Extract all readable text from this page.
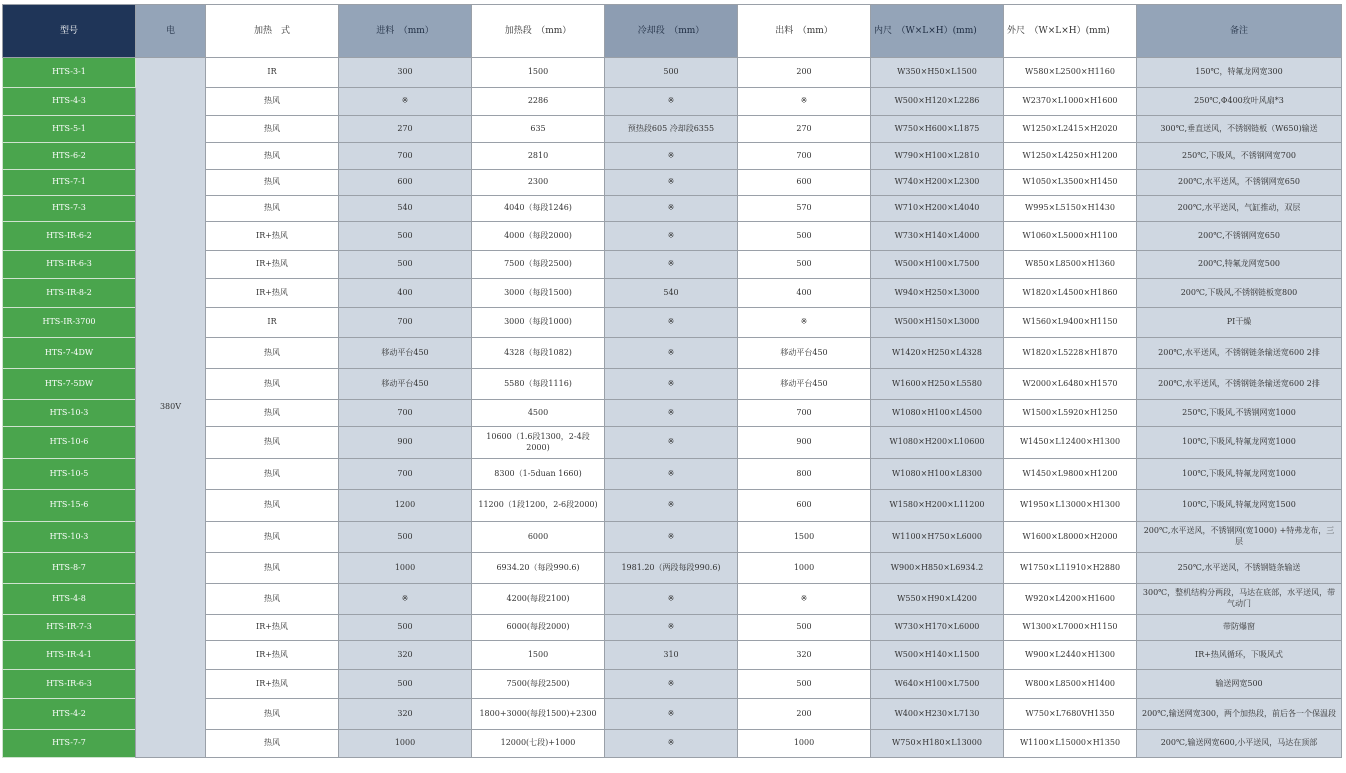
型号	电	加热　式	进料　（mm）	加热段　（mm）	冷却段　（mm）	出料　（mm）	内尺　（W×L×H）(mm)	外尺　（W×L×H）(mm)	备注
HTS-3-1	380V	IR	300	1500	500	200	W350×H50×L1500	W580×L2500×H1160	150℃，特氟龙网宽300
HTS-4-3		热风	※	2286	※	※	W500×H120×L2286	W2370×L1000×H1600	250℃,Φ400玫叶风扇*3
HTS-5-1		热风	270	635	预热段605 冷却段6355	270	W750×H600×L1875	W1250×L2415×H2020	300℃,垂直送风，不锈钢链板（W650)输送
HTS-6-2		热风	700	2810	※	700	W790×H100×L2810	W1250×L4250×H1200	250℃,下吸风，不锈钢网宽700
HTS-7-1		热风	600	2300	※	600	W740×H200×L2300	W1050×L3500×H1450	200℃,水平送风，不锈钢网宽650
HTS-7-3		热风	540	4040（每段1246)	※	570	W710×H200×L4040	W995×L5150×H1430	200℃,水平送风，气缸推动，双层
HTS-IR-6-2		IR+热风	500	4000（每段2000)	※	500	W730×H140×L4000	W1060×L5000×H1100	200℃,不锈钢网宽650
HTS-IR-6-3		IR+热风	500	7500（每段2500)	※	500	W500×H100×L7500	W850×L8500×H1360	200℃,特氟龙网宽500
HTS-IR-8-2		IR+热风	400	3000（每段1500)	540	400	W940×H250×L3000	W1820×L4500×H1860	200℃,下吸风,不锈钢链板宽800
HTS-IR-3700		IR	700	3000（每段1000)	※	※	W500×H150×L3000	W1560×L9400×H1150	PI干燥
HTS-7-4DW		热风	移动平台450	4328（每段1082)	※	移动平台450	W1420×H250×L4328	W1820×L5228×H1870	200℃,水平送风，不锈钢链条输送宽600 2排
HTS-7-5DW		热风	移动平台450	5580（每段1116)	※	移动平台450	W1600×H250×L5580	W2000×L6480×H1570	200℃,水平送风，不锈钢链条输送宽600 2排
HTS-10-3		热风	700	4500	※	700	W1080×H100×L4500	W1500×L5920×H1250	250℃,下吸风,不锈钢网宽1000
HTS-10-6		热风	900	10600（1.6段1300，2-4段2000)	※	900	W1080×H200×L10600	W1450×L12400×H1300	100℃,下吸风,特氟龙网宽1000
HTS-10-5		热风	700	8300（1-5duan 1660)	※	800	W1080×H100×L8300	W1450×L9800×H1200	100℃,下吸风,特氟龙网宽1000
HTS-15-6		热风	1200	11200（1段1200，2-6段2000)	※	600	W1580×H200×L11200	W1950×L13000×H1300	100℃,下吸风,特氟龙网宽1500
HTS-10-3		热风	500	6000	※	1500	W1100×H750×L6000	W1600×L8000×H2000	200℃,水平送风，不锈钢网(宽1000) +特弗龙布，三层
HTS-8-7		热风	1000	6934.20（每段990.6)	1981.20（两段每段990.6)	1000	W900×H850×L6934.2	W1750×L11910×H2880	250℃,水平送风，不锈钢链条输送
HTS-4-8		热风	※	4200(每段2100)	※	※	W550×H90×L4200	W920×L4200×H1600	300℃，整机结构分两段，马达在底部，水平送风，带气动门
HTS-IR-7-3		IR+热风	500	6000(每段2000)	※	500	W730×H170×L6000	W1300×L7000×H1150	带防爆窗
HTS-IR-4-1		IR+热风	320	1500	310	320	W500×H140×L1500	W900×L2440×H1300	IR+热风循环，下吸风式
HTS-IR-6-3		IR+热风	500	7500(每段2500)	※	500	W640×H100×L7500	W800×L8500×H1400	输送网宽500
HTS-4-2		热风	320	1800+3000(每段1500)+2300	※	200	W400×H230×L7130	W750×L7680VH1350	200℃,输送网宽300，两个加热段，前后各一个保温段
HTS-7-7		热风	1000	12000(七段)+1000	※	1000	W750×H180×L13000	W1100×L15000×H1350	200℃,输送网宽600,小平送风，马达在顶部
